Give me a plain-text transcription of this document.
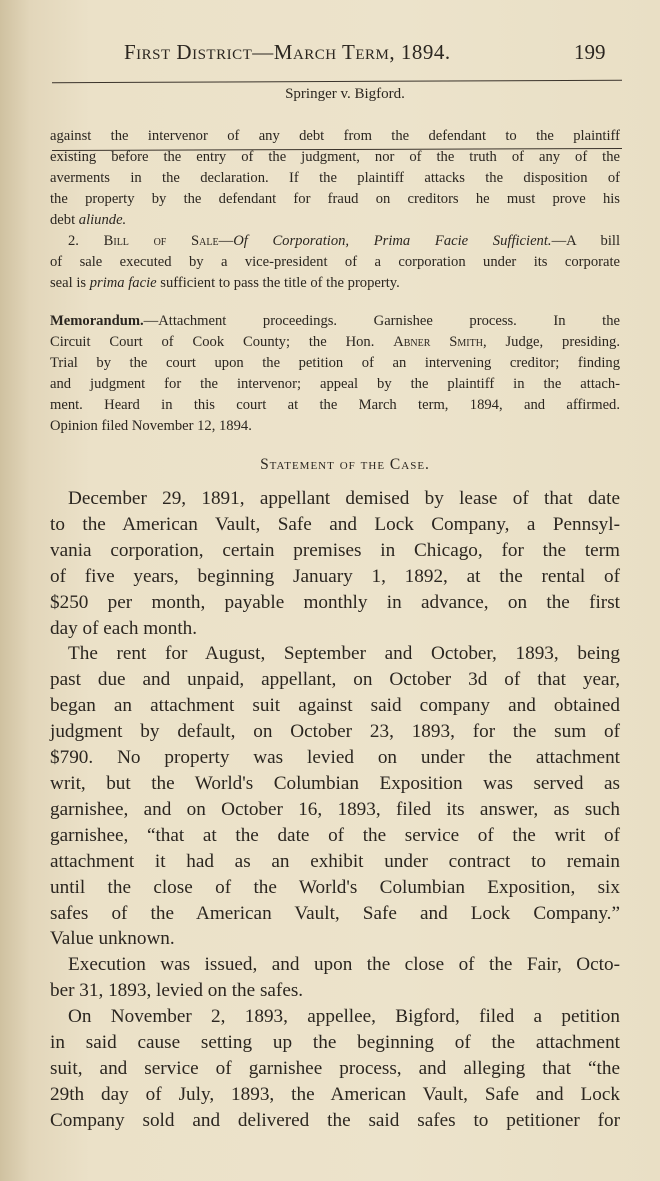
First District—March Term, 1894.	199
Springer v. Bigford.
against the intervenor of any debt from the defendant to the plaintiff
existing before the entry of the judgment, nor of the truth of any of the
averments in the declaration. If the plaintiff attacks the disposition of
the property by the defendant for fraud on creditors he must prove his
debt aliunde.
2. Bill of Sale—Of Corporation, Prima Facie Sufficient.—A bill
of sale executed by a vice-president of a corporation under its corporate
seal is prima facie sufficient to pass the title of the property.
Memorandum.—Attachment proceedings. Garnishee process. In the
Circuit Court of Cook County; the Hon. Abner Smith, Judge, presiding.
Trial by the court upon the petition of an intervening creditor; finding
and judgment for the intervenor; appeal by the plaintiff in the attach-
ment. Heard in this court at the March term, 1894, and affirmed.
Opinion filed November 12, 1894.
Statement of the Case.
December 29, 1891, appellant demised by lease of that date
to the American Vault, Safe and Lock Company, a Pennsyl-
vania corporation, certain premises in Chicago, for the term
of five years, beginning January 1, 1892, at the rental of
$250 per month, payable monthly in advance, on the first
day of each month.
The rent for August, September and October, 1893, being
past due and unpaid, appellant, on October 3d of that year,
began an attachment suit against said company and obtained
judgment by default, on October 23, 1893, for the sum of
$790. No property was levied on under the attachment
writ, but the World's Columbian Exposition was served as
garnishee, and on October 16, 1893, filed its answer, as such
garnishee, “that at the date of the service of the writ of
attachment it had as an exhibit under contract to remain
until the close of the World's Columbian Exposition, six
safes of the American Vault, Safe and Lock Company.”
Value unknown.
Execution was issued, and upon the close of the Fair, Octo-
ber 31, 1893, levied on the safes.
On November 2, 1893, appellee, Bigford, filed a petition
in said cause setting up the beginning of the attachment
suit, and service of garnishee process, and alleging that “the
29th day of July, 1893, the American Vault, Safe and Lock
Company sold and delivered the said safes to petitioner for
